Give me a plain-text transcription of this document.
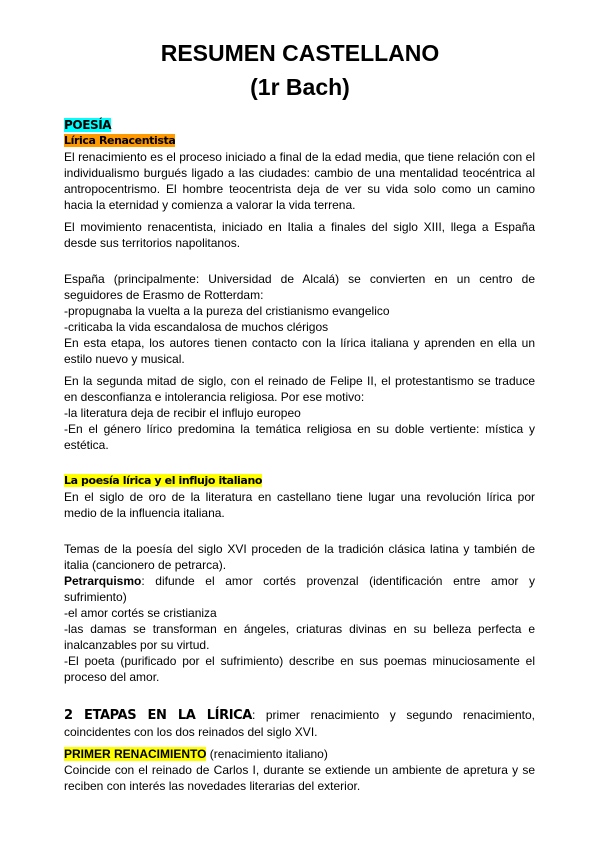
RESUMEN CASTELLANO
(1r Bach)

POESÍA

Lírica Renacentista

El renacimiento es el proceso iniciado a final de la edad media, que tiene relación con el individualismo burgués ligado a las ciudades: cambio de una mentalidad teocéntrica al antropocentrismo. El hombre teocentrista deja de ver su vida solo como un camino hacia la eternidad y comienza a valorar la vida terrena.

El movimiento renacentista, iniciado en Italia a finales del siglo XIII, llega a España desde sus territorios napolitanos.

España (principalmente: Universidad de Alcalá) se convierten en un centro de seguidores de Erasmo de Rotterdam:

-propugnaba la vuelta a la pureza del cristianismo evangelico

-criticaba la vida escandalosa de muchos clérigos

En esta etapa, los autores tienen contacto con la lírica italiana y aprenden en ella un estilo nuevo y musical.

En la segunda mitad de siglo, con el reinado de Felipe II, el protestantismo se traduce en desconfianza e intolerancia religiosa. Por ese motivo:

-la literatura deja de recibir el influjo europeo

-En el género lírico predomina la temática religiosa en su doble vertiente: mística y estética.

La poesía lírica y el influjo italiano

En el siglo de oro de la literatura en castellano tiene lugar una revolución lírica por medio de la influencia italiana.

Temas de la poesía del siglo XVI proceden de la tradición clásica latina y también de italia (cancionero de petrarca).

Petrarquismo: difunde el amor cortés provenzal (identificación entre amor y sufrimiento)

-el amor cortés se cristianiza

-las damas se transforman en ángeles, criaturas divinas en su belleza perfecta e inalcanzables por su virtud.

-El poeta (purificado por el sufrimiento) describe en sus poemas minuciosamente el proceso del amor.

2 ETAPAS EN LA LÍRICA: primer renacimiento y segundo renacimiento, coincidentes con los dos reinados del siglo XVI.

PRIMER RENACIMIENTO (renacimiento italiano)

Coincide con el reinado de Carlos I, durante se extiende un ambiente de apretura y se reciben con interés las novedades literarias del exterior.
